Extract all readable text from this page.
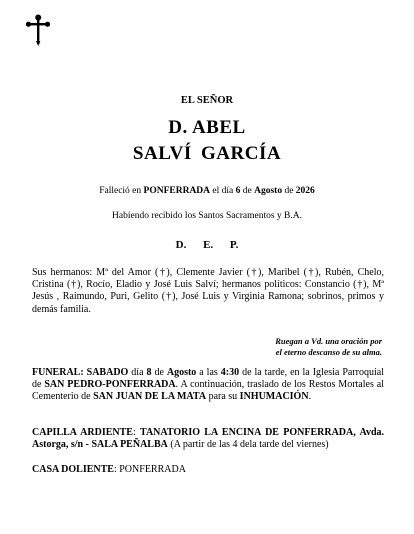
EL SEÑOR
D. ABEL
SALVÍ GARCÍA
Falleció en PONFERRADA el día 6 de Agosto de 2026
Habiendo recibido los Santos Sacramentos y B.A.
D. E. P.
Sus hermanos: Mª del Amor (†), Clemente Javier (†), Maribel (†), Rubén, Chelo, Cristina (†), Rocío, Eladio y José Luis Salví; hermanos políticos: Constancio (†), Mª Jesús , Raimundo, Puri, Gelito (†), José Luis y Virginia Ramona; sobrinos, primos y demás familia.
Ruegan a Vd. una oración por
el eterno descanso de su alma.
FUNERAL: SABADO día 8 de Agosto a las 4:30 de la tarde, en la Iglesia Parroquial de SAN PEDRO-PONFERRADA. A continuación, traslado de los Restos Mortales al Cementerio de SAN JUAN DE LA MATA para su INHUMACIÓN.
CAPILLA ARDIENTE: TANATORIO LA ENCINA DE PONFERRADA, Avda. Astorga, s/n - SALA PEÑALBA (A partir de las 4 dela tarde del viernes)
CASA DOLIENTE: PONFERRADA
